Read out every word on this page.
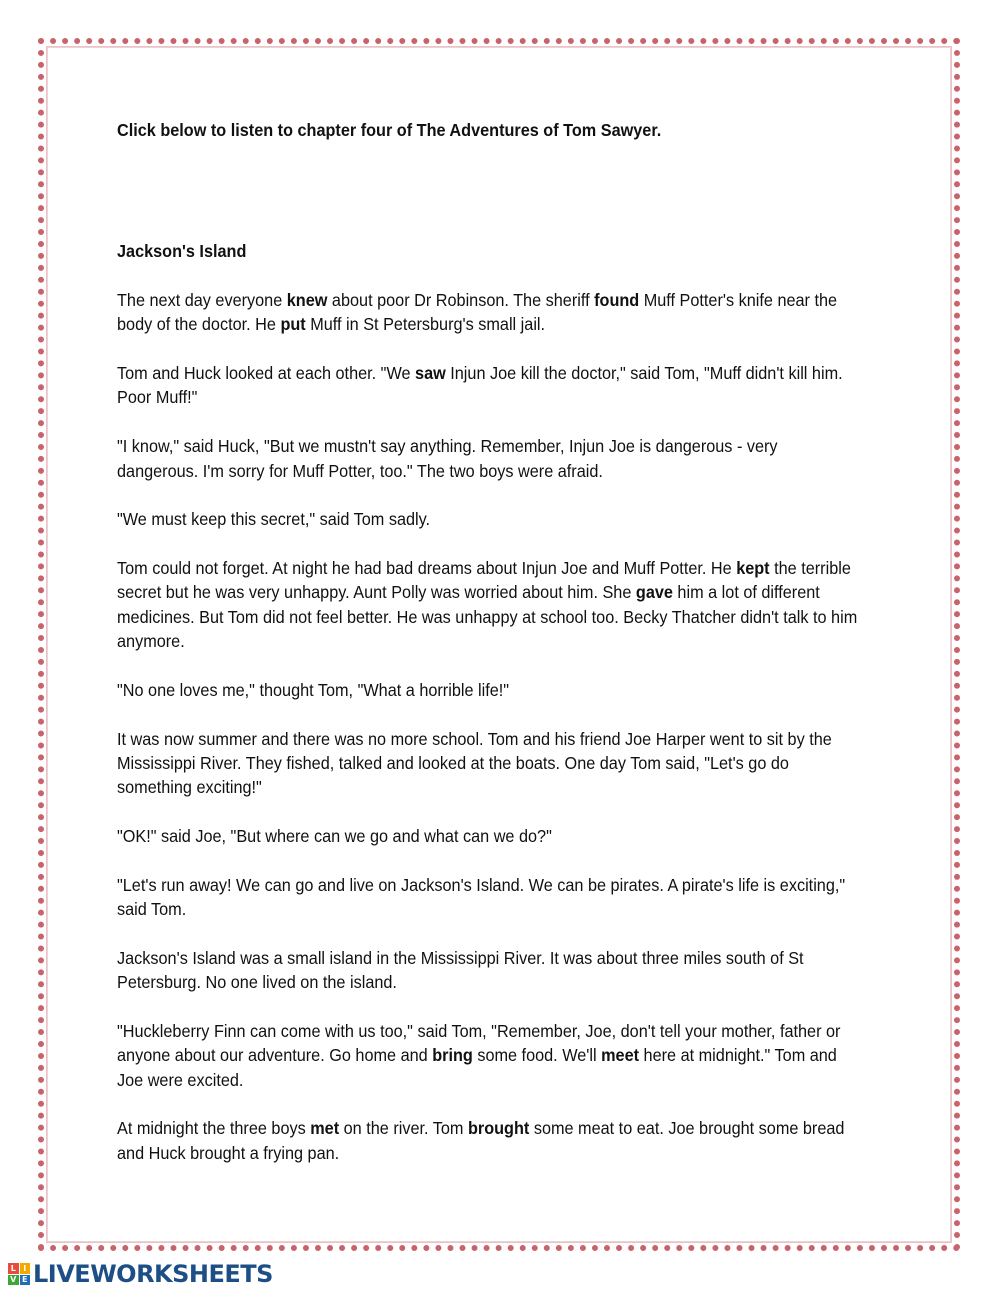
Click below to listen to chapter four of The Adventures of Tom Sawyer.

Jackson's Island

The next day everyone knew about poor Dr Robinson. The sheriff found Muff Potter's knife near the body of the doctor. He put Muff in St Petersburg's small jail.

Tom and Huck looked at each other. "We saw Injun Joe kill the doctor," said Tom, "Muff didn't kill him. Poor Muff!"

"I know," said Huck, "But we mustn't say anything. Remember, Injun Joe is dangerous - very dangerous. I'm sorry for Muff Potter, too." The two boys were afraid.

"We must keep this secret," said Tom sadly.

Tom could not forget. At night he had bad dreams about Injun Joe and Muff Potter. He kept the terrible secret but he was very unhappy. Aunt Polly was worried about him. She gave him a lot of different medicines. But Tom did not feel better. He was unhappy at school too. Becky Thatcher didn't talk to him anymore.

"No one loves me," thought Tom, "What a horrible life!"

It was now summer and there was no more school. Tom and his friend Joe Harper went to sit by the Mississippi River. They fished, talked and looked at the boats. One day Tom said, "Let's go do something exciting!"

"OK!" said Joe, "But where can we go and what can we do?"

"Let's run away! We can go and live on Jackson's Island. We can be pirates. A pirate's life is exciting," said Tom.

Jackson's Island was a small island in the Mississippi River. It was about three miles south of St Petersburg. No one lived on the island.

"Huckleberry Finn can come with us too," said Tom, "Remember, Joe, don't tell your mother, father or anyone about our adventure. Go home and bring some food. We'll meet here at midnight." Tom and Joe were excited.

At midnight the three boys met on the river. Tom brought some meat to eat. Joe brought some bread and Huck brought a frying pan.

L I
V E LIVEWORKSHEETS
